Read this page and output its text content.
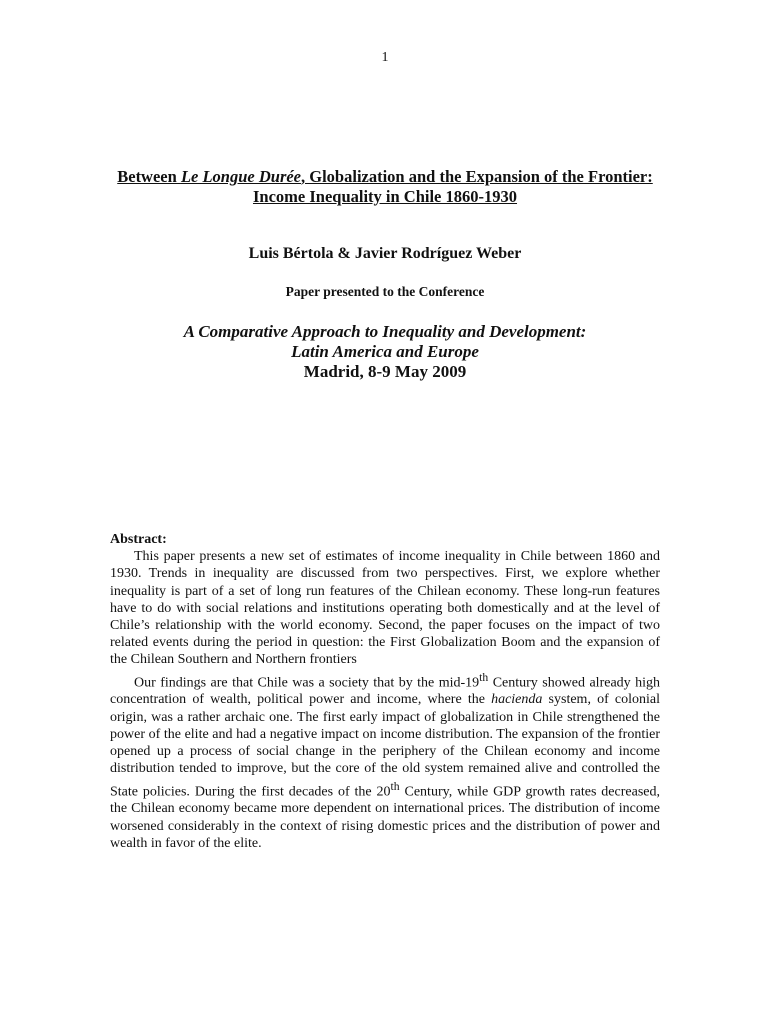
1
Between Le Longue Durée, Globalization and the Expansion of the Frontier: Income Inequality in Chile 1860-1930
Luis Bértola & Javier Rodríguez Weber
Paper presented to the Conference
A Comparative Approach to Inequality and Development:
Latin America and Europe
Madrid, 8-9 May 2009
Abstract:

This paper presents a new set of estimates of income inequality in Chile between 1860 and 1930. Trends in inequality are discussed from two perspectives. First, we explore whether inequality is part of a set of long run features of the Chilean economy. These long-run features have to do with social relations and institutions operating both domestically and at the level of Chile’s relationship with the world economy. Second, the paper focuses on the impact of two related events during the period in question: the First Globalization Boom and the expansion of the Chilean Southern and Northern frontiers

Our findings are that Chile was a society that by the mid-19th Century showed already high concentration of wealth, political power and income, where the hacienda system, of colonial origin, was a rather archaic one. The first early impact of globalization in Chile strengthened the power of the elite and had a negative impact on income distribution. The expansion of the frontier opened up a process of social change in the periphery of the Chilean economy and income distribution tended to improve, but the core of the old system remained alive and controlled the State policies. During the first decades of the 20th Century, while GDP growth rates decreased, the Chilean economy became more dependent on international prices. The distribution of income worsened considerably in the context of rising domestic prices and the distribution of power and wealth in favor of the elite.
